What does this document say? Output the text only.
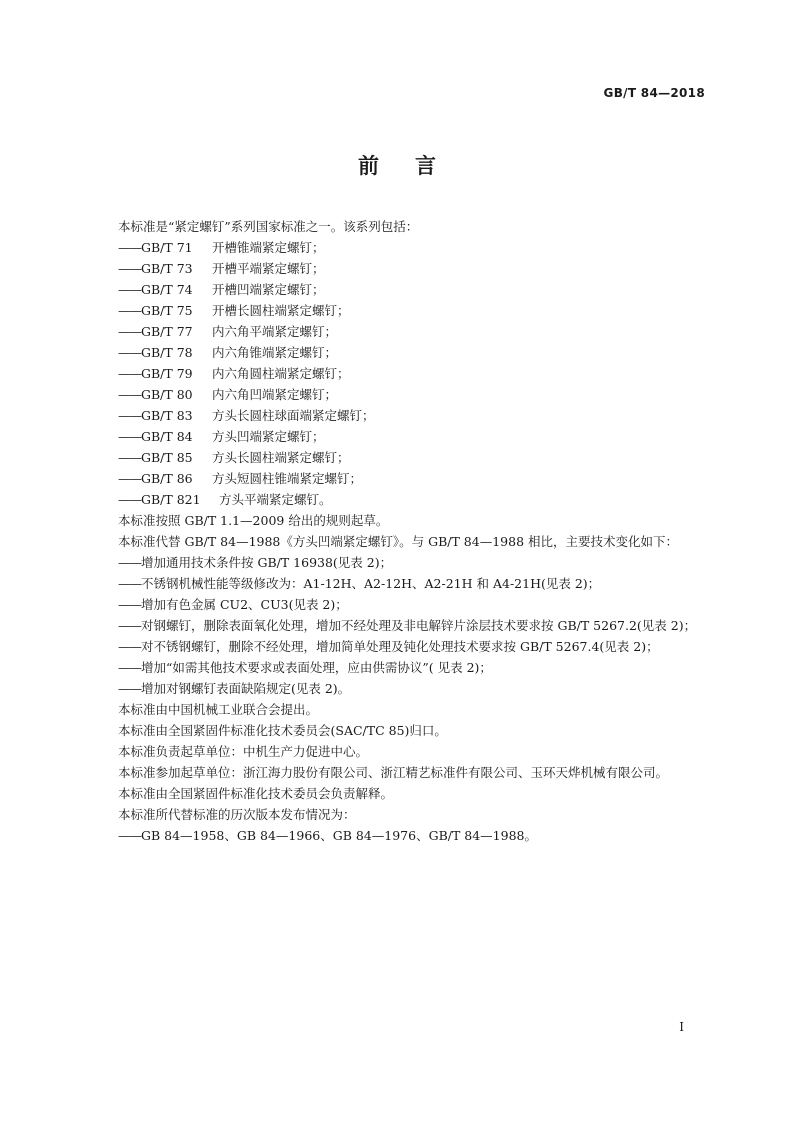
GB/T 84—2018
前言
本标准是“紧定螺钉”系列国家标准之一。该系列包括：
——GB/T 71 开槽锥端紧定螺钉；
——GB/T 73 开槽平端紧定螺钉；
——GB/T 74 开槽凹端紧定螺钉；
——GB/T 75 开槽长圆柱端紧定螺钉；
——GB/T 77 内六角平端紧定螺钉；
——GB/T 78 内六角锥端紧定螺钉；
——GB/T 79 内六角圆柱端紧定螺钉；
——GB/T 80 内六角凹端紧定螺钉；
——GB/T 83 方头长圆柱球面端紧定螺钉；
——GB/T 84 方头凹端紧定螺钉；
——GB/T 85 方头长圆柱端紧定螺钉；
——GB/T 86 方头短圆柱锥端紧定螺钉；
——GB/T 821 方头平端紧定螺钉。
本标准按照 GB/T 1.1—2009 给出的规则起草。
本标准代替 GB/T 84—1988《方头凹端紧定螺钉》。与 GB/T 84—1988 相比，主要技术变化如下：
——增加通用技术条件按 GB/T 16938(见表 2)；
——不锈钢机械性能等级修改为：A1-12H、A2-12H、A2-21H 和 A4-21H(见表 2)；
——增加有色金属 CU2、CU3(见表 2)；
——对钢螺钉，删除表面氧化处理，增加不经处理及非电解锌片涂层技术要求按 GB/T 5267.2(见表 2)；
——对不锈钢螺钉，删除不经处理，增加简单处理及钝化处理技术要求按 GB/T 5267.4(见表 2)；
——增加“如需其他技术要求或表面处理，应由供需协议”( 见表 2)；
——增加对钢螺钉表面缺陷规定(见表 2)。
本标准由中国机械工业联合会提出。
本标准由全国紧固件标准化技术委员会(SAC/TC 85)归口。
本标准负责起草单位：中机生产力促进中心。
本标准参加起草单位：浙江海力股份有限公司、浙江精艺标准件有限公司、玉环天烨机械有限公司。
本标准由全国紧固件标准化技术委员会负责解释。
本标准所代替标准的历次版本发布情况为：
——GB 84—1958、GB 84—1966、GB 84—1976、GB/T 84—1988。
I
